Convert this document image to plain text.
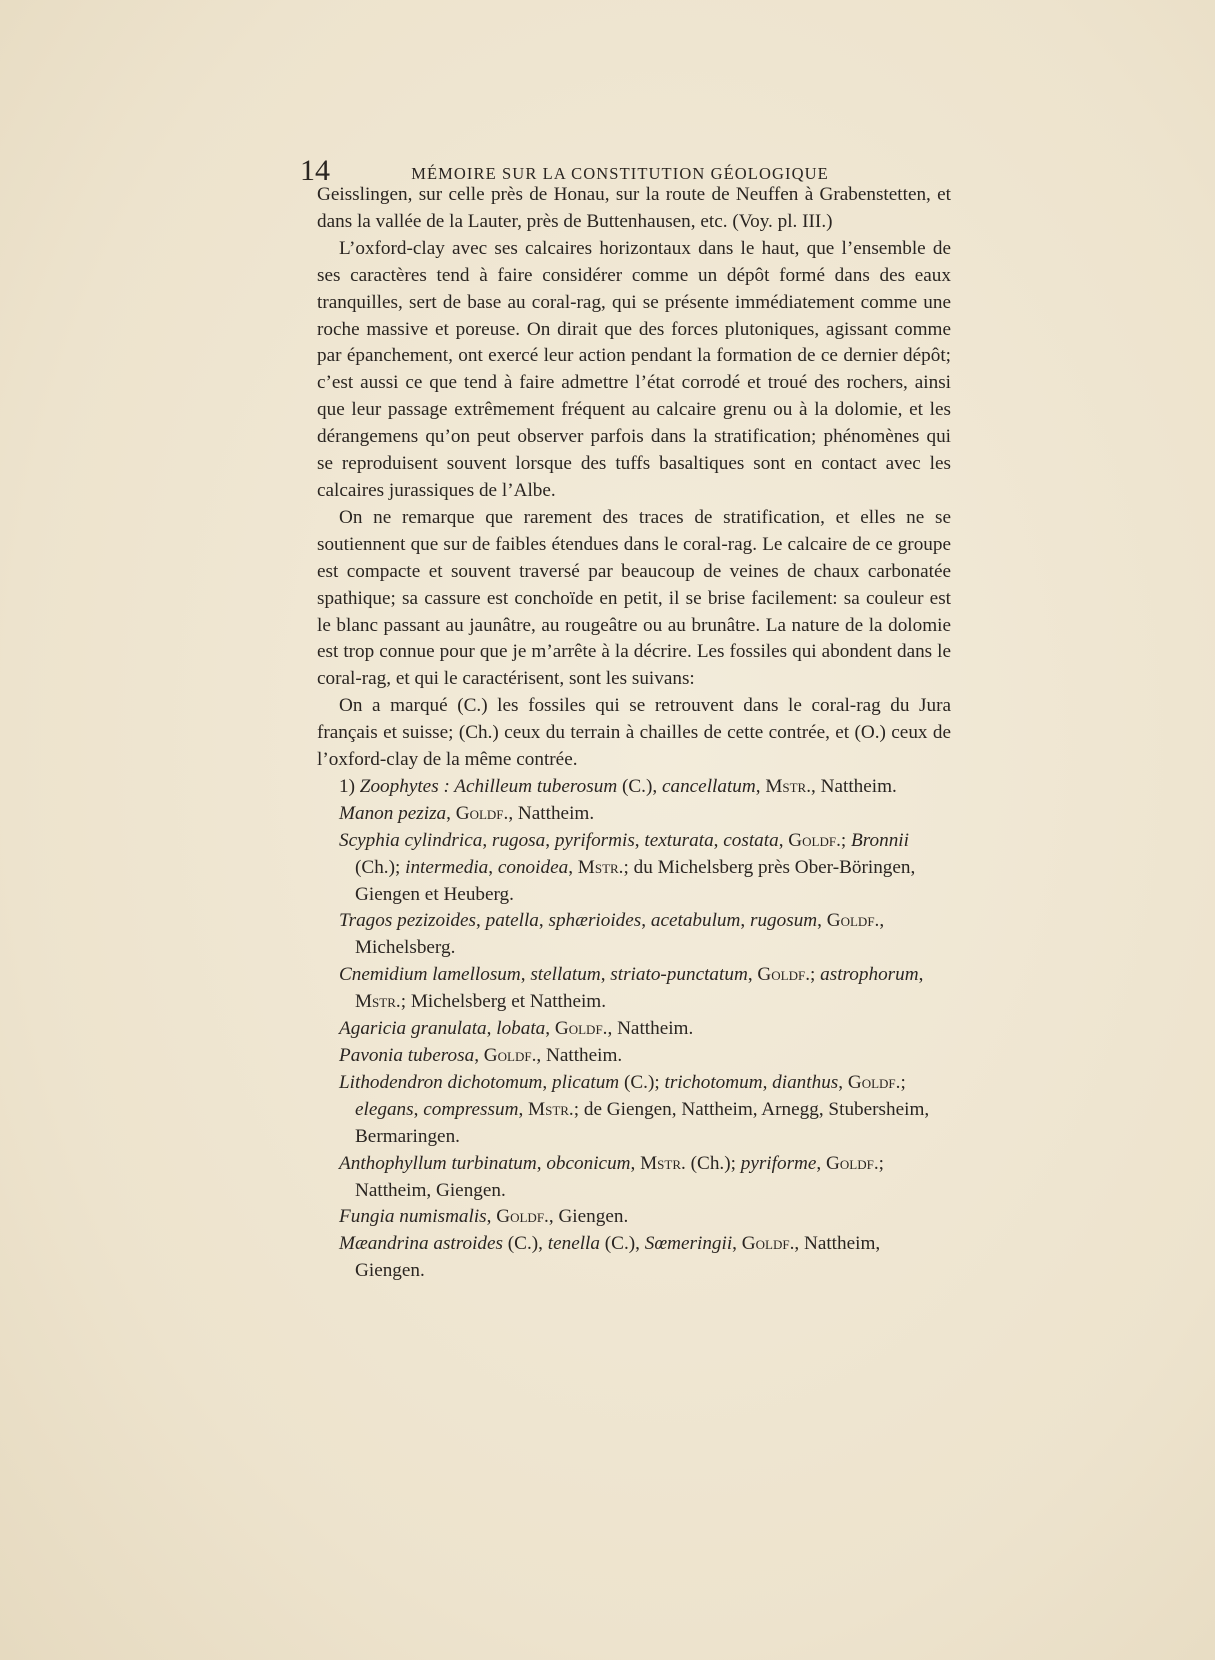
14	MÉMOIRE SUR LA CONSTITUTION GÉOLOGIQUE

Geisslingen, sur celle près de Honau, sur la route de Neuffen à Grabenstetten, et dans la vallée de la Lauter, près de Buttenhausen, etc. (Voy. pl. III.)

L’oxford-clay avec ses calcaires horizontaux dans le haut, que l’ensemble de ses caractères tend à faire considérer comme un dépôt formé dans des eaux tranquilles, sert de base au coral-rag, qui se présente immédiatement comme une roche massive et poreuse. On dirait que des forces plutoniques, agissant comme par épanchement, ont exercé leur action pendant la formation de ce dernier dépôt; c’est aussi ce que tend à faire admettre l’état corrodé et troué des rochers, ainsi que leur passage extrêmement fréquent au calcaire grenu ou à la dolomie, et les dérangemens qu’on peut observer parfois dans la stratification; phénomènes qui se reproduisent souvent lorsque des tuffs basaltiques sont en contact avec les calcaires jurassiques de l’Albe.

On ne remarque que rarement des traces de stratification, et elles ne se soutiennent que sur de faibles étendues dans le coral-rag. Le calcaire de ce groupe est compacte et souvent traversé par beaucoup de veines de chaux carbonatée spathique; sa cassure est conchoïde en petit, il se brise facilement: sa couleur est le blanc passant au jaunâtre, au rougeâtre ou au brunâtre. La nature de la dolomie est trop connue pour que je m’arrête à la décrire. Les fossiles qui abondent dans le coral-rag, et qui le caractérisent, sont les suivans:

On a marqué (C.) les fossiles qui se retrouvent dans le coral-rag du Jura français et suisse; (Ch.) ceux du terrain à chailles de cette contrée, et (O.) ceux de l’oxford-clay de la même contrée.

1) Zoophytes : Achilleum tuberosum (C.), cancellatum, Mstr., Nattheim.

Manon peziza, Goldf., Nattheim.

Scyphia cylindrica, rugosa, pyriformis, texturata, costata, Goldf.; Bronnii (Ch.); intermedia, conoidea, Mstr.; du Michelsberg près Ober-Böringen, Giengen et Heuberg.

Tragos pezizoides, patella, sphærioides, acetabulum, rugosum, Goldf., Michelsberg.

Cnemidium lamellosum, stellatum, striato-punctatum, Goldf.; astrophorum, Mstr.; Michelsberg et Nattheim.

Agaricia granulata, lobata, Goldf., Nattheim.

Pavonia tuberosa, Goldf., Nattheim.

Lithodendron dichotomum, plicatum (C.); trichotomum, dianthus, Goldf.; elegans, compressum, Mstr.; de Giengen, Nattheim, Arnegg, Stubersheim, Bermaringen.

Anthophyllum turbinatum, obconicum, Mstr. (Ch.); pyriforme, Goldf.; Nattheim, Giengen.

Fungia numismalis, Goldf., Giengen.

Mæandrina astroides (C.), tenella (C.), Sœmeringii, Goldf., Nattheim, Giengen.
